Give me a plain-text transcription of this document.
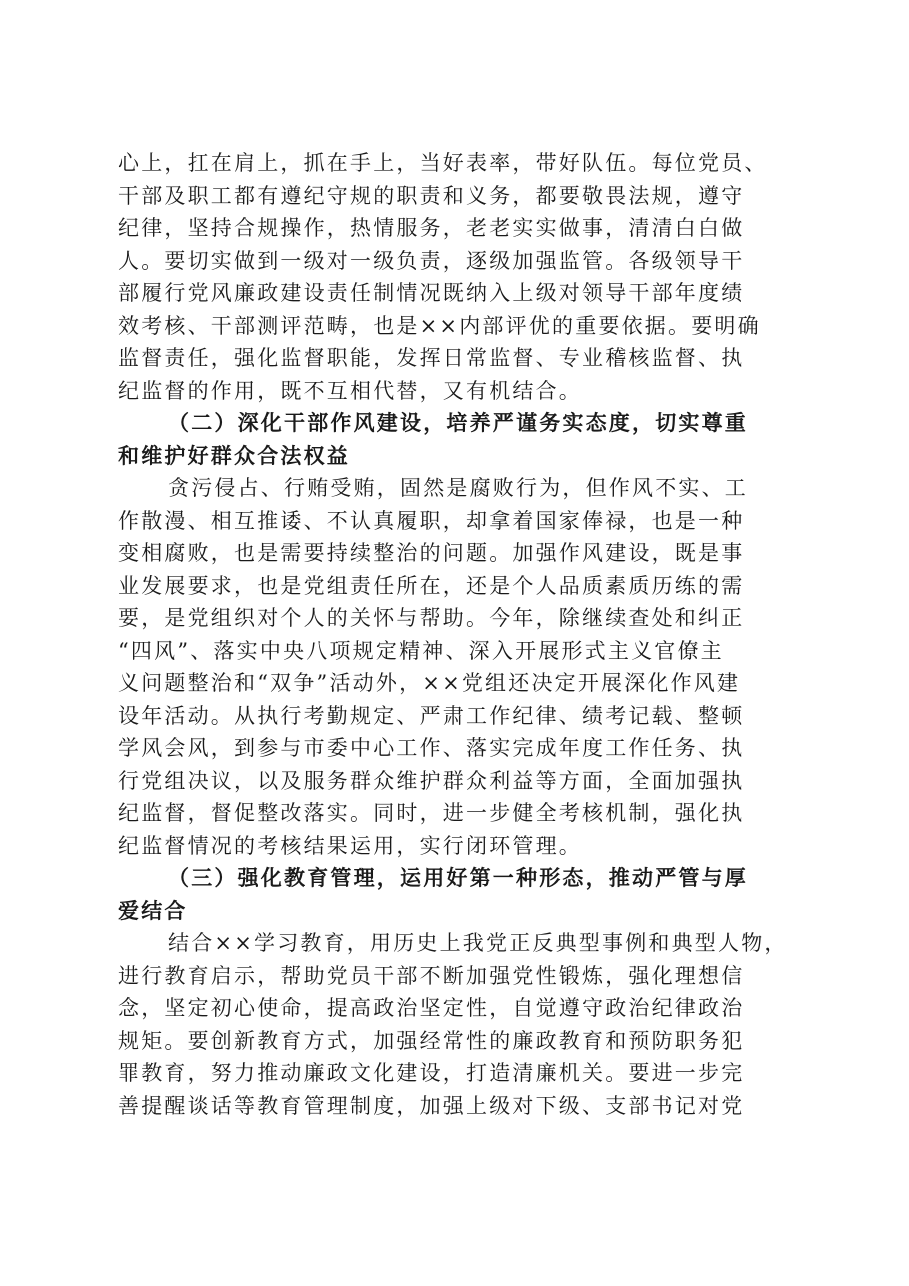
心上，扛在肩上，抓在手上，当好表率，带好队伍。每位党员、
干部及职工都有遵纪守规的职责和义务，都要敬畏法规，遵守
纪律，坚持合规操作，热情服务，老老实实做事，清清白白做
人。要切实做到一级对一级负责，逐级加强监管。各级领导干
部履行党风廉政建设责任制情况既纳入上级对领导干部年度绩
效考核、干部测评范畴，也是××内部评优的重要依据。要明确
监督责任，强化监督职能，发挥日常监督、专业稽核监督、执
纪监督的作用，既不互相代替，又有机结合。
（二）深化干部作风建设，培养严谨务实态度，切实尊重
和维护好群众合法权益
贪污侵占、行贿受贿，固然是腐败行为，但作风不实、工
作散漫、相互推诿、不认真履职，却拿着国家俸禄，也是一种
变相腐败，也是需要持续整治的问题。加强作风建设，既是事
业发展要求，也是党组责任所在，还是个人品质素质历练的需
要，是党组织对个人的关怀与帮助。今年，除继续查处和纠正
“四风”、落实中央八项规定精神、深入开展形式主义官僚主
义问题整治和“双争”活动外，××党组还决定开展深化作风建
设年活动。从执行考勤规定、严肃工作纪律、绩考记载、整顿
学风会风，到参与市委中心工作、落实完成年度工作任务、执
行党组决议，以及服务群众维护群众利益等方面，全面加强执
纪监督，督促整改落实。同时，进一步健全考核机制，强化执
纪监督情况的考核结果运用，实行闭环管理。
（三）强化教育管理，运用好第一种形态，推动严管与厚
爱结合
结合××学习教育，用历史上我党正反典型事例和典型人物，
进行教育启示，帮助党员干部不断加强党性锻炼，强化理想信
念，坚定初心使命，提高政治坚定性，自觉遵守政治纪律政治
规矩。要创新教育方式，加强经常性的廉政教育和预防职务犯
罪教育，努力推动廉政文化建设，打造清廉机关。要进一步完
善提醒谈话等教育管理制度，加强上级对下级、支部书记对党
